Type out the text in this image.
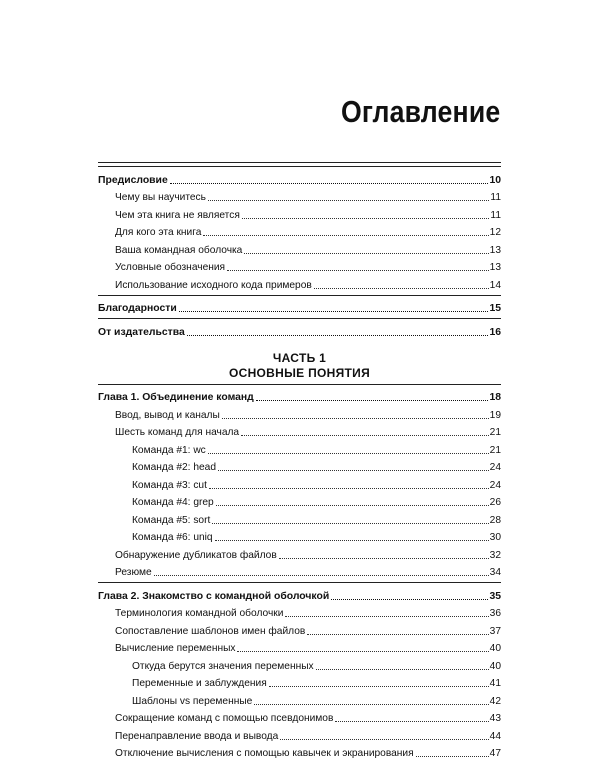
Оглавление
Предисловие	10
Чему вы научитесь	11
Чем эта книга не является	11
Для кого эта книга	12
Ваша командная оболочка	13
Условные обозначения	13
Использование исходного кода примеров	14
Благодарности	15
От издательства	16
ЧАСТЬ 1
ОСНОВНЫЕ ПОНЯТИЯ
Глава 1. Объединение команд	18
Ввод, вывод и каналы	19
Шесть команд для начала	21
Команда #1: wc	21
Команда #2: head	24
Команда #3: cut	24
Команда #4: grep	26
Команда #5: sort	28
Команда #6: uniq	30
Обнаружение дубликатов файлов	32
Резюме	34
Глава 2. Знакомство с командной оболочкой	35
Терминология командной оболочки	36
Сопоставление шаблонов имен файлов	37
Вычисление переменных	40
Откуда берутся значения переменных	40
Переменные и заблуждения	41
Шаблоны vs переменные	42
Сокращение команд с помощью псевдонимов	43
Перенаправление ввода и вывода	44
Отключение вычисления с помощью кавычек и экранирования	47
